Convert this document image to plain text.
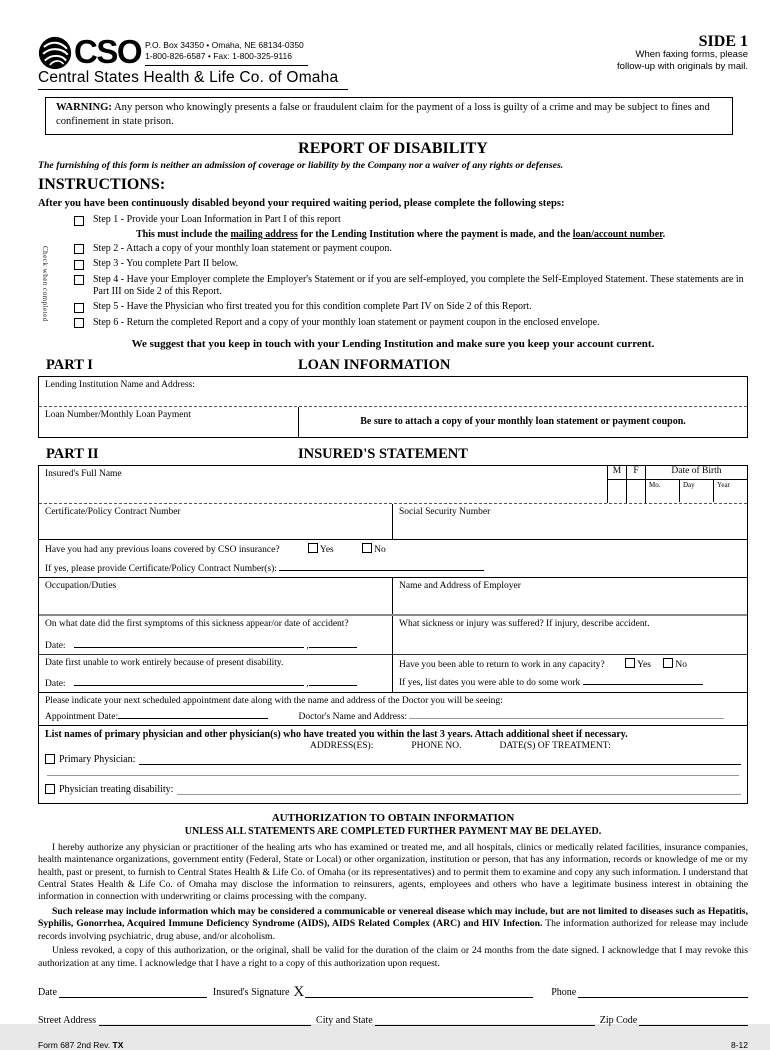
CSO P.O. Box 34350 • Omaha, NE 68134-0350
1-800-826-6587 • Fax: 1-800-325-9116
Central States Health & Life Co. of Omaha
SIDE 1
When faxing forms, please
follow-up with originals by mail.
WARNING: Any person who knowingly presents a false or fraudulent claim for the payment of a loss is guilty of a crime and may be subject to fines and confinement in state prison.
REPORT OF DISABILITY
The furnishing of this form is neither an admission of coverage or liability by the Company nor a waiver of any rights or defenses.
INSTRUCTIONS:
After you have been continuously disabled beyond your required waiting period, please complete the following steps:
Check when completed
Step 1 - Provide your Loan Information in Part I of this report
This must include the mailing address for the Lending Institution where the payment is made, and the loan/account number.
Step 2 - Attach a copy of your monthly loan statement or payment coupon.
Step 3 - You complete Part II below.
Step 4 - Have your Employer complete the Employer's Statement or if you are self-employed, you complete the Self-Employed Statement. These statements are in Part III on Side 2 of this Report.
Step 5 - Have the Physician who first treated you for this condition complete Part IV on Side 2 of this Report.
Step 6 - Return the completed Report and a copy of your monthly loan statement or payment coupon in the enclosed envelope.
We suggest that you keep in touch with your Lending Institution and make sure you keep your account current.
PART I	LOAN INFORMATION
Lending Institution Name and Address:
Loan Number/Monthly Loan Payment
Be sure to attach a copy of your monthly loan statement or payment coupon.
PART II	INSURED'S STATEMENT
Insured's Full Name	M	F	Date of Birth
Mo.	Day	Year
Certificate/Policy Contract Number	Social Security Number
Have you had any previous loans covered by CSO insurance?	Yes	No
If yes, please provide Certificate/Policy Contract Number(s):
Occupation/Duties	Name and Address of Employer
On what date did the first symptoms of this sickness appear/or date of accident?
Date:	,
What sickness or injury was suffered? If injury, describe accident.
Date first unable to work entirely because of present disability.
Date:	,
Have you been able to return to work in any capacity?	Yes	No
If yes, list dates you were able to do some work
Please indicate your next scheduled appointment date along with the name and address of the Doctor you will be seeing:
Appointment Date:	Doctor's Name and Address:
List names of primary physician and other physician(s) who have treated you within the last 3 years. Attach additional sheet if necessary.
ADDRESS(ES):	PHONE NO.	DATE(S) OF TREATMENT:
Primary Physician:
Physician treating disability:
AUTHORIZATION TO OBTAIN INFORMATION
UNLESS ALL STATEMENTS ARE COMPLETED FURTHER PAYMENT MAY BE DELAYED.
I hereby authorize any physician or practitioner of the healing arts who has examined or treated me, and all hospitals, clinics or medically related facilities, insurance companies, health maintenance organizations, government entity (Federal, State or Local) or other organization, institution or person, that has any information, records or knowledge of me or my health, past or present, to furnish to Central States Health & Life Co. of Omaha (or its representatives) and to permit them to examine and copy any such information. I understand that Central States Health & Life Co. of Omaha may disclose the information to reinsurers, agents, employees and others who have a legitimate business interest in obtaining the information in connection with underwriting or claims processing with the company.
Such release may include information which may be considered a communicable or venereal disease which may include, but are not limited to diseases such as Hepatitis, Syphilis, Gonorrhea, Acquired Immune Deficiency Syndrome (AIDS), AIDS Related Complex (ARC) and HIV Infection. The information authorized for release may include records involving psychiatric, drug abuse, and/or alcoholism.
Unless revoked, a copy of this authorization, or the original, shall be valid for the duration of the claim or 24 months from the date signed. I acknowledge that I may revoke this authorization at any time. I acknowledge that I have a right to a copy of this authorization upon request.
Date	Insured's Signature X	Phone
Street Address	City and State	Zip Code
Form 687 2nd Rev. TX	8-12
